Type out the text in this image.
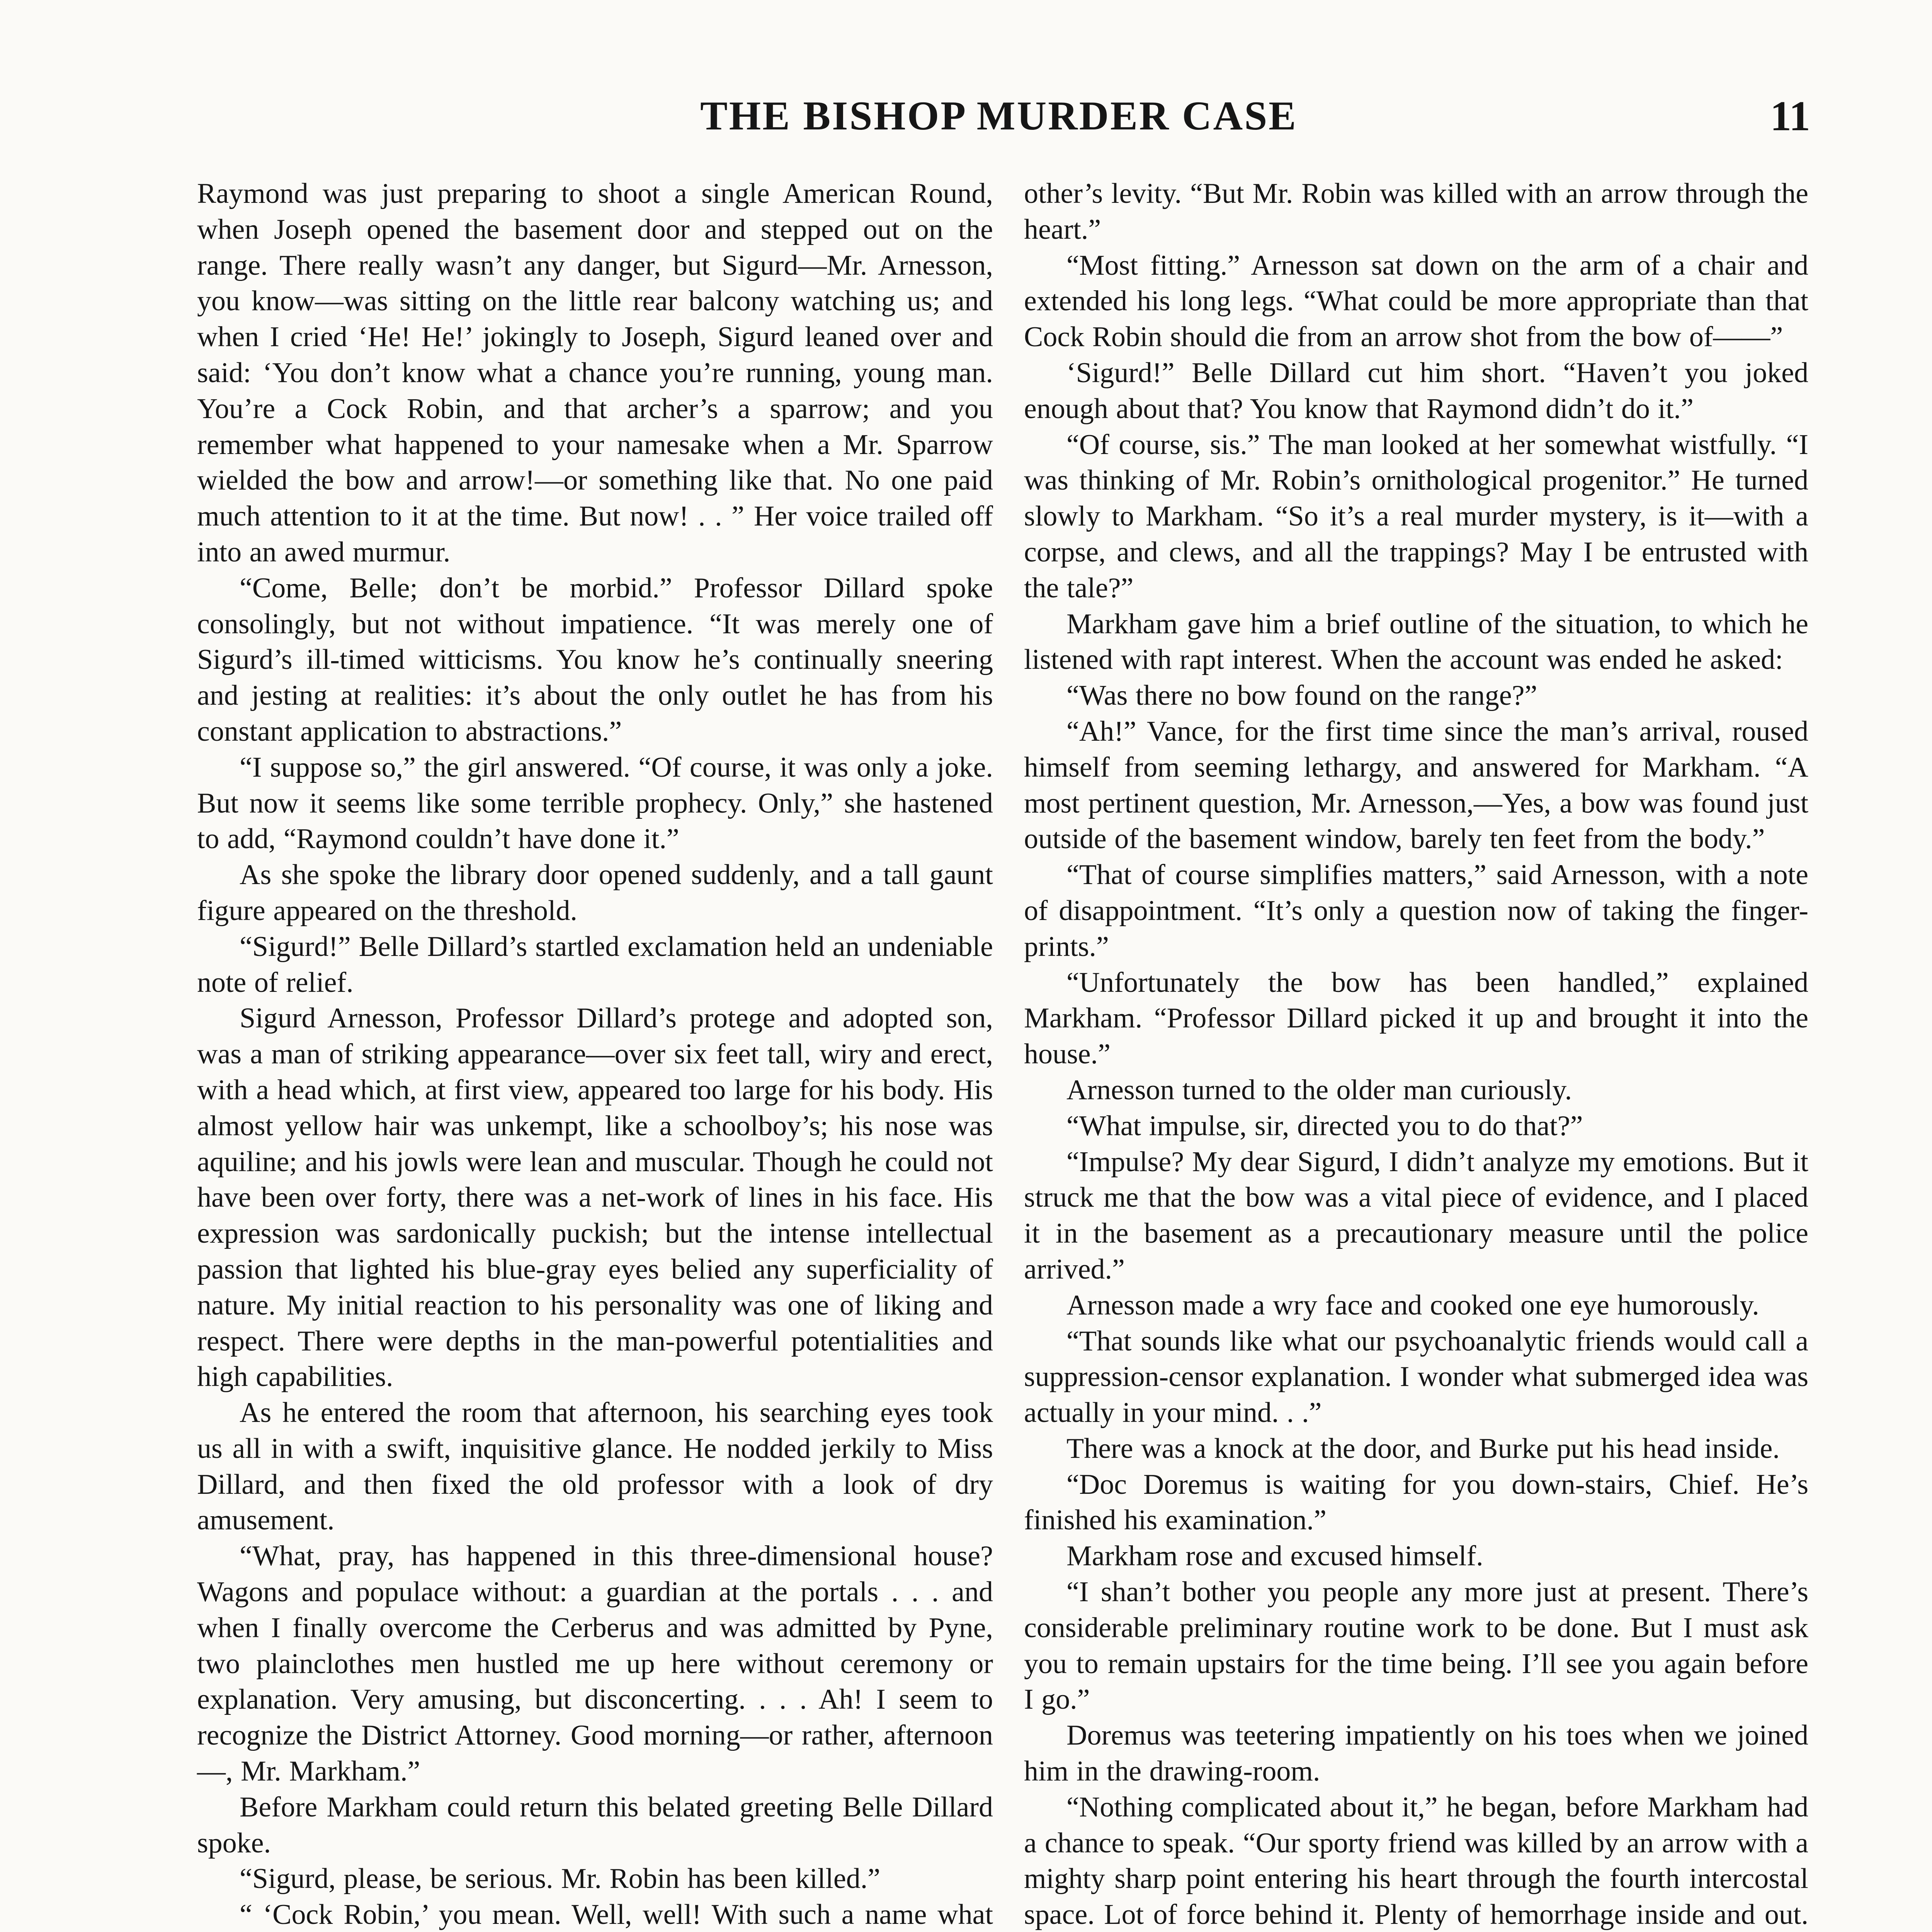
THE BISHOP MURDER CASE	11

Raymond was just preparing to shoot a single American Round, when Joseph opened the basement door and stepped out on the range. There really wasn’t any danger, but Sigurd—Mr. Arnesson, you know—was sitting on the little rear balcony watching us; and when I cried ‘He! He!’ jokingly to Joseph, Sigurd leaned over and said: ‘You don’t know what a chance you’re running, young man. You’re a Cock Robin, and that archer’s a sparrow; and you remember what happened to your namesake when a Mr. Sparrow wielded the bow and arrow!—or something like that. No one paid much attention to it at the time. But now! . . ” Her voice trailed off into an awed murmur.

“Come, Belle; don’t be morbid.” Professor Dillard spoke consolingly, but not without impatience. “It was merely one of Sigurd’s ill-timed witticisms. You know he’s continually sneering and jesting at realities: it’s about the only outlet he has from his constant application to abstractions.”

“I suppose so,” the girl answered. “Of course, it was only a joke. But now it seems like some terrible prophecy. Only,” she hastened to add, “Raymond couldn’t have done it.”

As she spoke the library door opened suddenly, and a tall gaunt figure appeared on the threshold.

“Sigurd!” Belle Dillard’s startled exclamation held an undeniable note of relief.

Sigurd Arnesson, Professor Dillard’s protege and adopted son, was a man of striking appearance—over six feet tall, wiry and erect, with a head which, at first view, appeared too large for his body. His almost yellow hair was unkempt, like a schoolboy’s; his nose was aquiline; and his jowls were lean and muscular. Though he could not have been over forty, there was a net-work of lines in his face. His expression was sardonically puckish; but the intense intellectual passion that lighted his blue-gray eyes belied any superficiality of nature. My initial reaction to his personality was one of liking and respect. There were depths in the man-powerful potentialities and high capabilities.

As he entered the room that afternoon, his searching eyes took us all in with a swift, inquisitive glance. He nodded jerkily to Miss Dillard, and then fixed the old professor with a look of dry amusement.

“What, pray, has happened in this three-dimensional house? Wagons and populace without: a guardian at the portals . . . and when I finally overcome the Cerberus and was admitted by Pyne, two plainclothes men hustled me up here without ceremony or explanation. Very amusing, but disconcerting. . . . Ah! I seem to recognize the District Attorney. Good morning—or rather, afternoon—, Mr. Markham.”

Before Markham could return this belated greeting Belle Dillard spoke.

“Sigurd, please, be serious. Mr. Robin has been killed.”

“ ‘Cock Robin,’ you mean. Well, well! With such a name what

other’s levity. “But Mr. Robin was killed with an arrow through the heart.”

“Most fitting.” Arnesson sat down on the arm of a chair and extended his long legs. “What could be more appropriate than that Cock Robin should die from an arrow shot from the bow of——”

‘Sigurd!” Belle Dillard cut him short. “Haven’t you joked enough about that? You know that Raymond didn’t do it.”

“Of course, sis.” The man looked at her somewhat wistfully. “I was thinking of Mr. Robin’s ornithological progenitor.” He turned slowly to Markham. “So it’s a real murder mystery, is it—with a corpse, and clews, and all the trappings? May I be entrusted with the tale?”

Markham gave him a brief outline of the situation, to which he listened with rapt interest. When the account was ended he asked:

“Was there no bow found on the range?”

“Ah!” Vance, for the first time since the man’s arrival, roused himself from seeming lethargy, and answered for Markham. “A most pertinent question, Mr. Arnesson,—Yes, a bow was found just outside of the basement window, barely ten feet from the body.”

“That of course simplifies matters,” said Arnesson, with a note of disappointment. “It’s only a question now of taking the finger-prints.”

“Unfortunately the bow has been handled,” explained Markham. “Professor Dillard picked it up and brought it into the house.”

Arnesson turned to the older man curiously.

“What impulse, sir, directed you to do that?”

“Impulse? My dear Sigurd, I didn’t analyze my emotions. But it struck me that the bow was a vital piece of evidence, and I placed it in the basement as a precautionary measure until the police arrived.”

Arnesson made a wry face and cooked one eye humorously.

“That sounds like what our psychoanalytic friends would call a suppression-censor explanation. I wonder what submerged idea was actually in your mind. . .”

There was a knock at the door, and Burke put his head inside.

“Doc Doremus is waiting for you down-stairs, Chief. He’s finished his examination.”

Markham rose and excused himself.

“I shan’t bother you people any more just at present. There’s considerable preliminary routine work to be done. But I must ask you to remain upstairs for the time being. I’ll see you again before I go.”

Doremus was teetering impatiently on his toes when we joined him in the drawing-room.

“Nothing complicated about it,” he began, before Markham had a chance to speak. “Our sporty friend was killed by an arrow with a mighty sharp point entering his heart through the fourth intercostal space. Lot of force behind it. Plenty of hemorrhage inside and out.
